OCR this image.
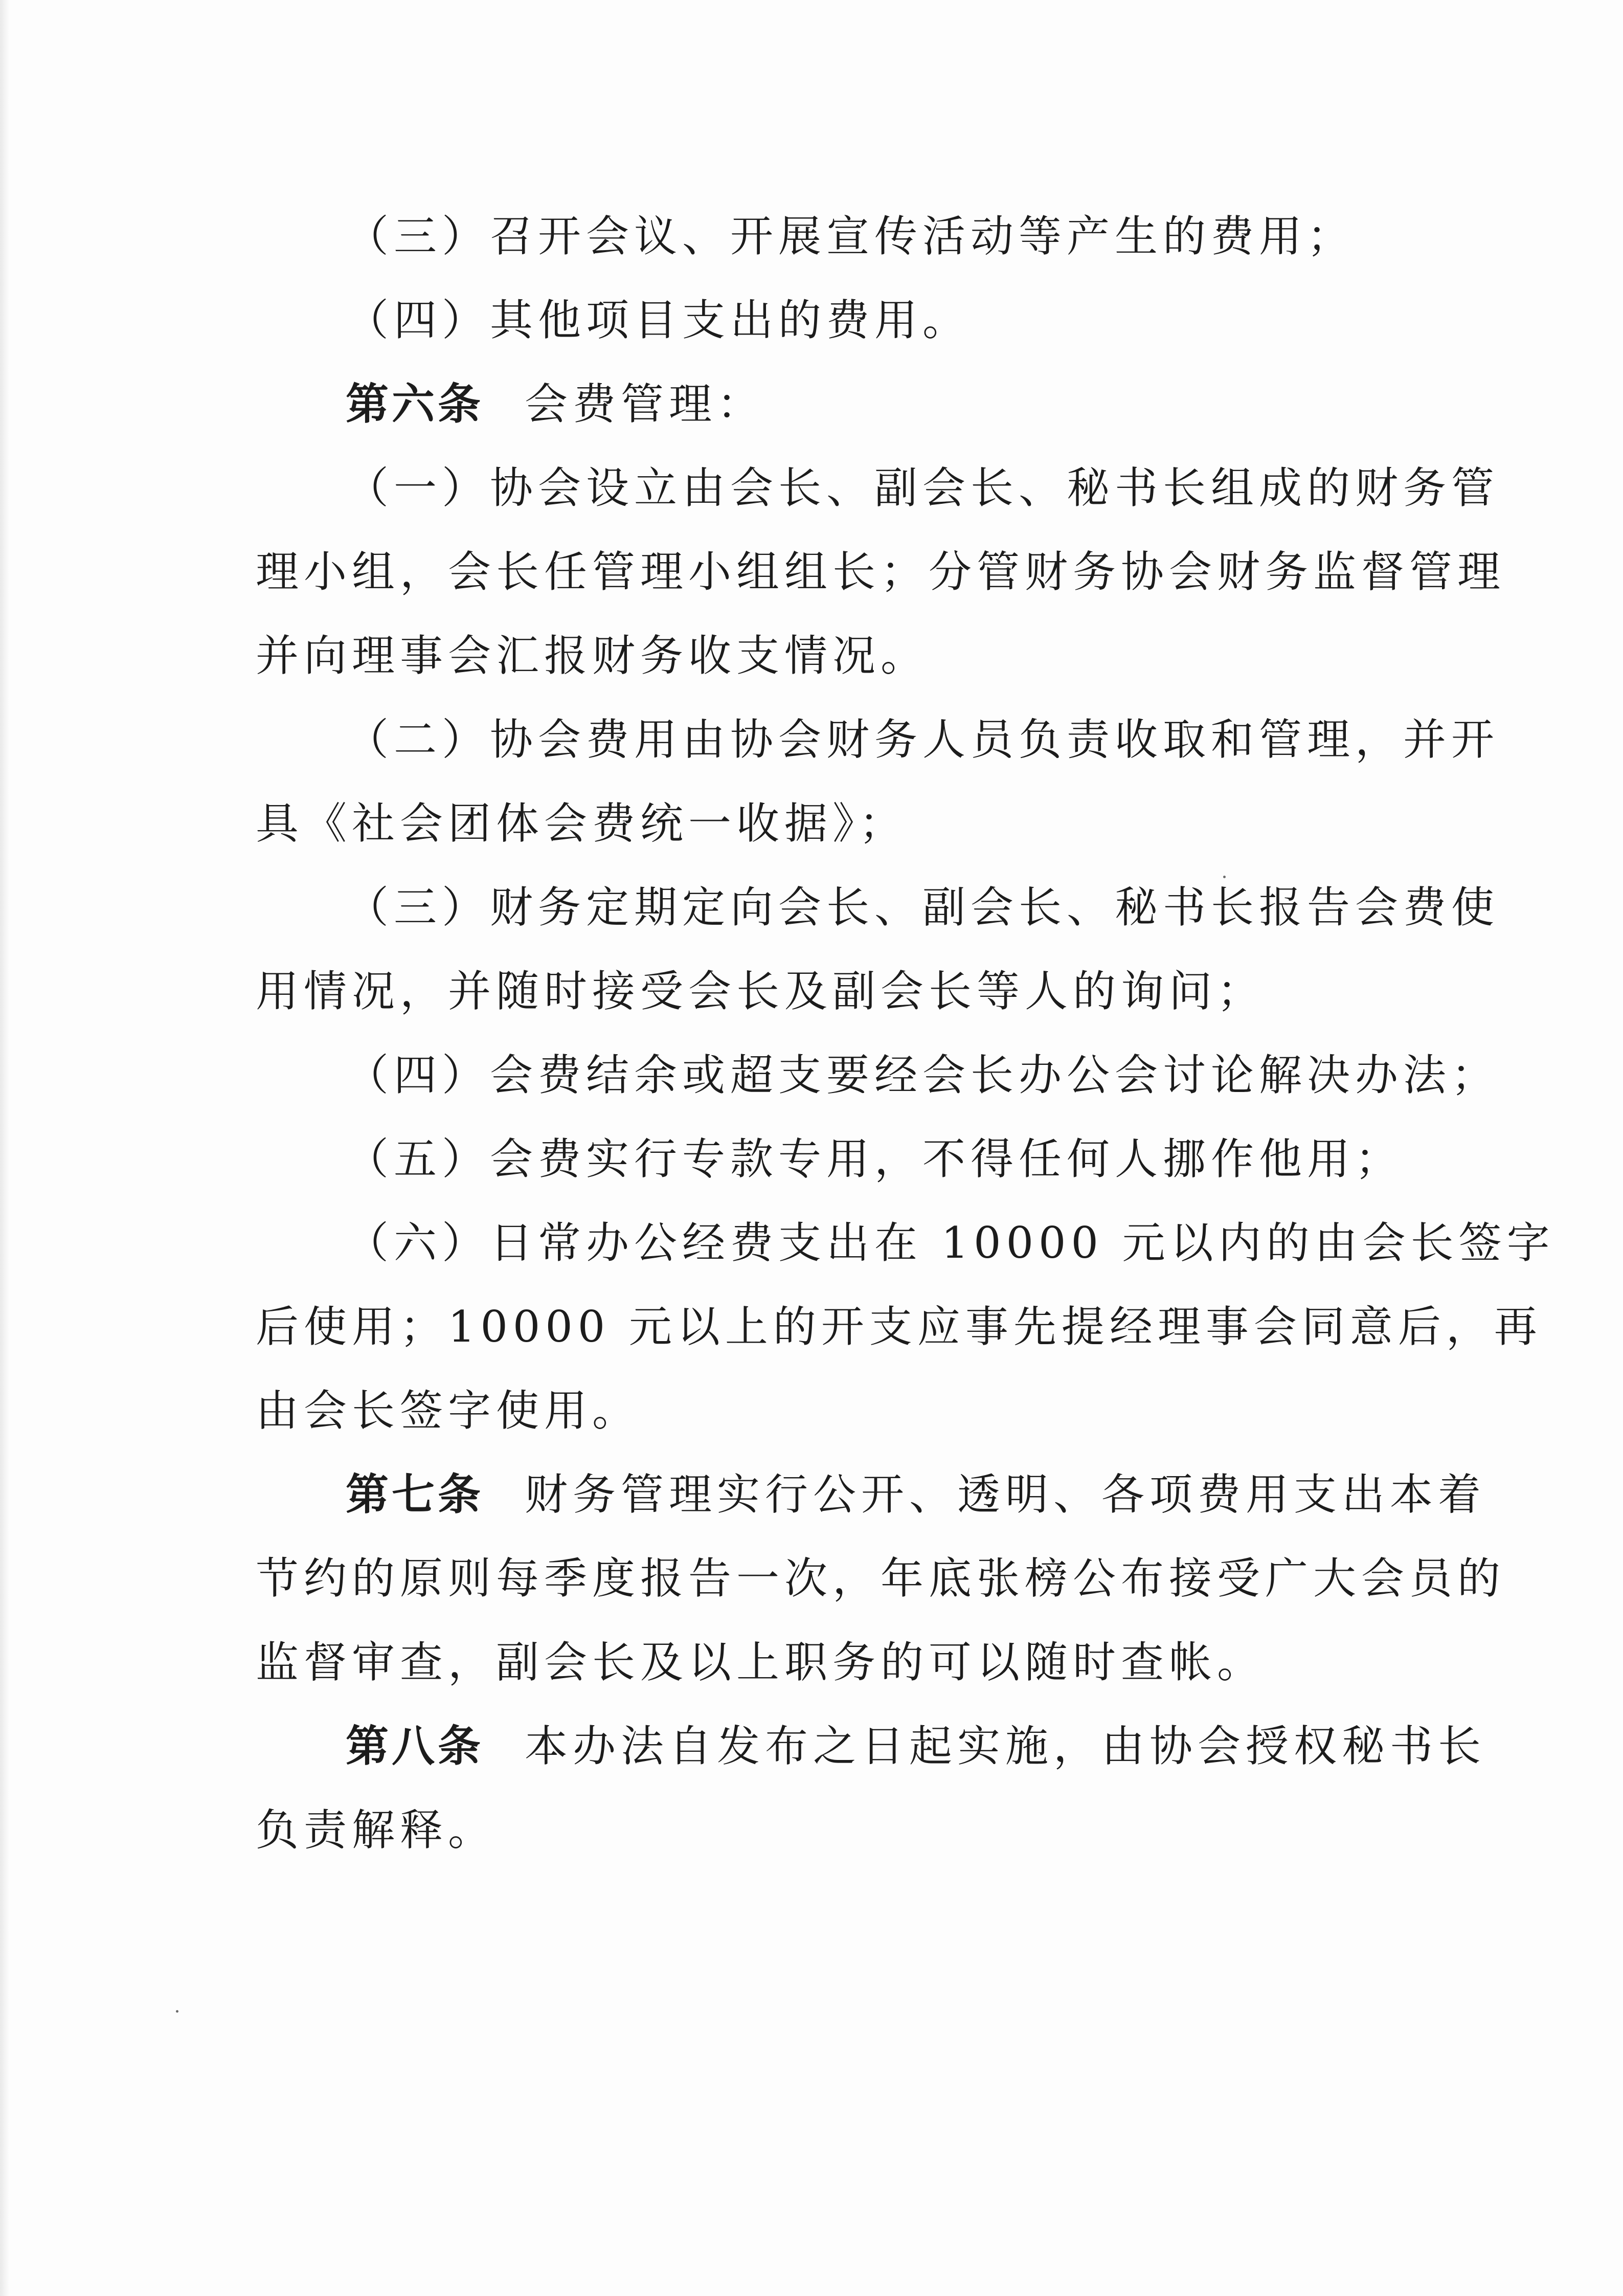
（三）召开会议、开展宣传活动等产生的费用；
（四）其他项目支出的费用。
第六条 会费管理：
（一）协会设立由会长、副会长、秘书长组成的财务管
理小组，会长任管理小组组长；分管财务协会财务监督管理
并向理事会汇报财务收支情况。
（二）协会费用由协会财务人员负责收取和管理，并开
具《社会团体会费统一收据》；
（三）财务定期定向会长、副会长、秘书长报告会费使
用情况，并随时接受会长及副会长等人的询问；
（四）会费结余或超支要经会长办公会讨论解决办法；
（五）会费实行专款专用，不得任何人挪作他用；
（六）日常办公经费支出在 10000 元以内的由会长签字
后使用；10000 元以上的开支应事先提经理事会同意后，再
由会长签字使用。
第七条 财务管理实行公开、透明、各项费用支出本着
节约的原则每季度报告一次，年底张榜公布接受广大会员的
监督审查，副会长及以上职务的可以随时查帐。
第八条 本办法自发布之日起实施，由协会授权秘书长
负责解释。
